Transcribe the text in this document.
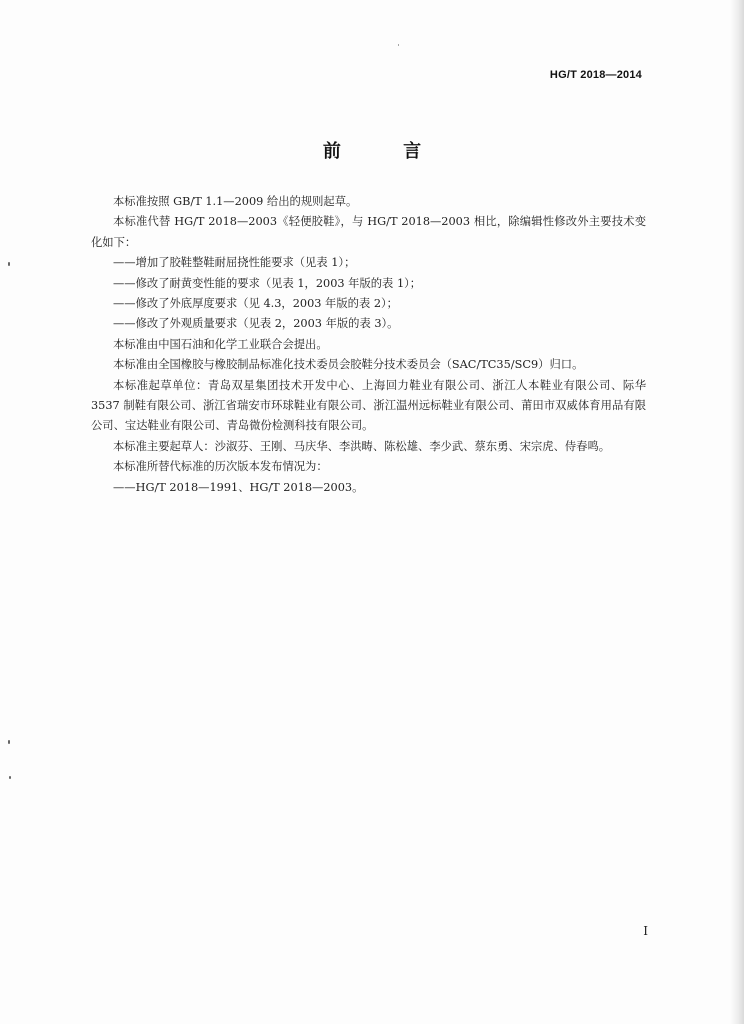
HG/T 2018—2014
前 言

本标准按照 GB/T 1.1—2009 给出的规则起草。

本标准代替 HG/T 2018—2003《轻便胶鞋》，与 HG/T 2018—2003 相比，除编辑性修改外主要技术变化如下：

——增加了胶鞋整鞋耐屈挠性能要求（见表 1）；

——修改了耐黄变性能的要求（见表 1，2003 年版的表 1）；

——修改了外底厚度要求（见 4.3，2003 年版的表 2）；

——修改了外观质量要求（见表 2，2003 年版的表 3）。

本标准由中国石油和化学工业联合会提出。

本标准由全国橡胶与橡胶制品标准化技术委员会胶鞋分技术委员会（SAC/TC35/SC9）归口。

本标准起草单位：青岛双星集团技术开发中心、上海回力鞋业有限公司、浙江人本鞋业有限公司、际华 3537 制鞋有限公司、浙江省瑞安市环球鞋业有限公司、浙江温州远标鞋业有限公司、莆田市双威体育用品有限公司、宝达鞋业有限公司、青岛微份检测科技有限公司。

本标准主要起草人：沙淑芬、王刚、马庆华、李洪畴、陈松雄、李少武、蔡东勇、宋宗虎、侍春鸣。

本标准所替代标准的历次版本发布情况为：

——HG/T 2018—1991、HG/T 2018—2003。

I
